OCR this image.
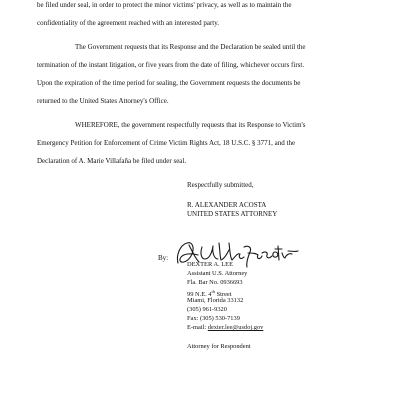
be filed under seal, in order to protect the minor victims' privacy, as well as to maintain the
confidentiality of the agreement reached with an interested party.
The Government requests that its Response and the Declaration be sealed until the
termination of the instant litigation, or five years from the date of filing, whichever occurs first.
Upon the expiration of the time period for sealing, the Government requests the documents be
returned to the United States Attorney's Office.
WHEREFORE, the government respectfully requests that its Response to Victim's
Emergency Petition for Enforcement of Crime Victim Rights Act, 18 U.S.C. § 3771, and the
Declaration of A. Marie Villafaña be filed under seal.
Respectfully submitted,
R. ALEXANDER ACOSTA
UNITED STATES ATTORNEY
By:
DEXTER A. LEE
Assistant U.S. Attorney
Fla. Bar No. 0936693
99 N.E. 4th Street
Miami, Florida 33132
(305) 961-9320
Fax: (305) 530-7139
E-mail: dexter.lee@usdoj.gov
Attorney for Respondent
